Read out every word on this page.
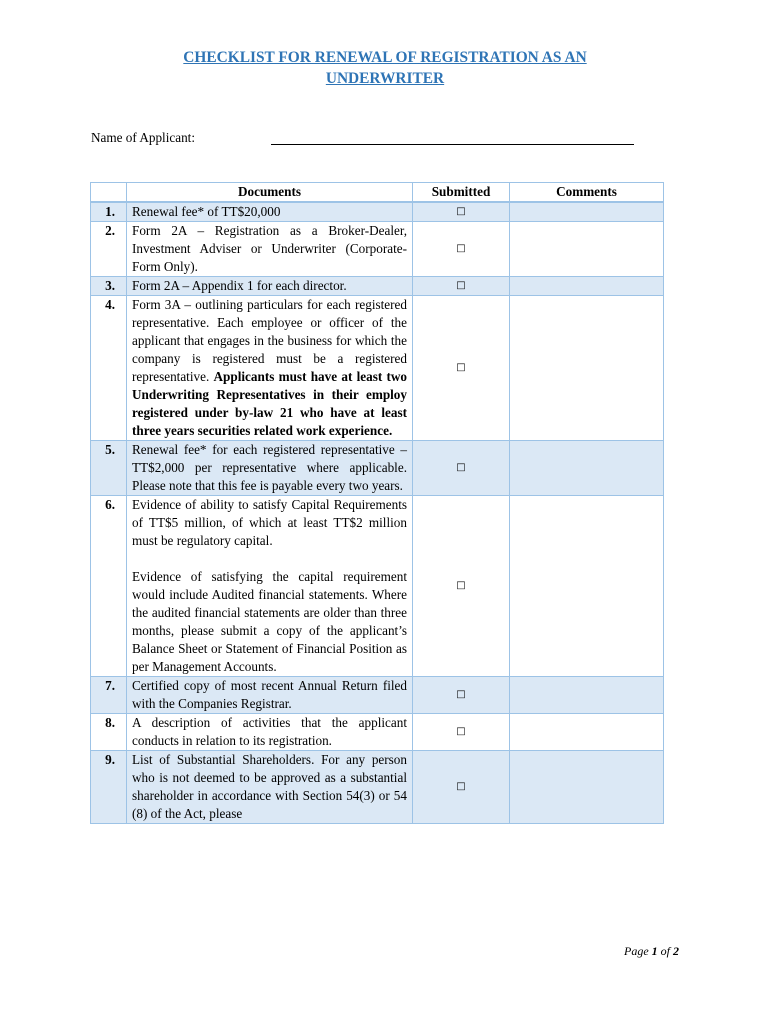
CHECKLIST FOR RENEWAL OF REGISTRATION AS AN
UNDERWRITER
Name of Applicant:
	Documents	Submitted	Comments
1.	Renewal fee* of TT$20,000	□	
2.	Form 2A – Registration as a Broker-Dealer, Investment Adviser or Underwriter (Corporate-Form Only).	□	
3.	Form 2A – Appendix 1 for each director.	□	
4.	Form 3A – outlining particulars for each registered representative. Each employee or officer of the applicant that engages in the business for which the company is registered must be a registered representative. Applicants must have at least two Underwriting Representatives in their employ registered under by-law 21 who have at least three years securities related work experience.	□	
5.	Renewal fee* for each registered representative – TT$2,000 per representative where applicable. Please note that this fee is payable every two years.	□	
6.	Evidence of ability to satisfy Capital Requirements of TT$5 million, of which at least TT$2 million must be regulatory capital.
Evidence of satisfying the capital requirement would include Audited financial statements. Where the audited financial statements are older than three months, please submit a copy of the applicant’s Balance Sheet or Statement of Financial Position as per Management Accounts.	□	
7.	Certified copy of most recent Annual Return filed with the Companies Registrar.	□	
8.	A description of activities that the applicant conducts in relation to its registration.	□	
9.	List of Substantial Shareholders. For any person who is not deemed to be approved as a substantial shareholder in accordance with Section 54(3) or 54 (8) of the Act, please	□	
Page 1 of 2
